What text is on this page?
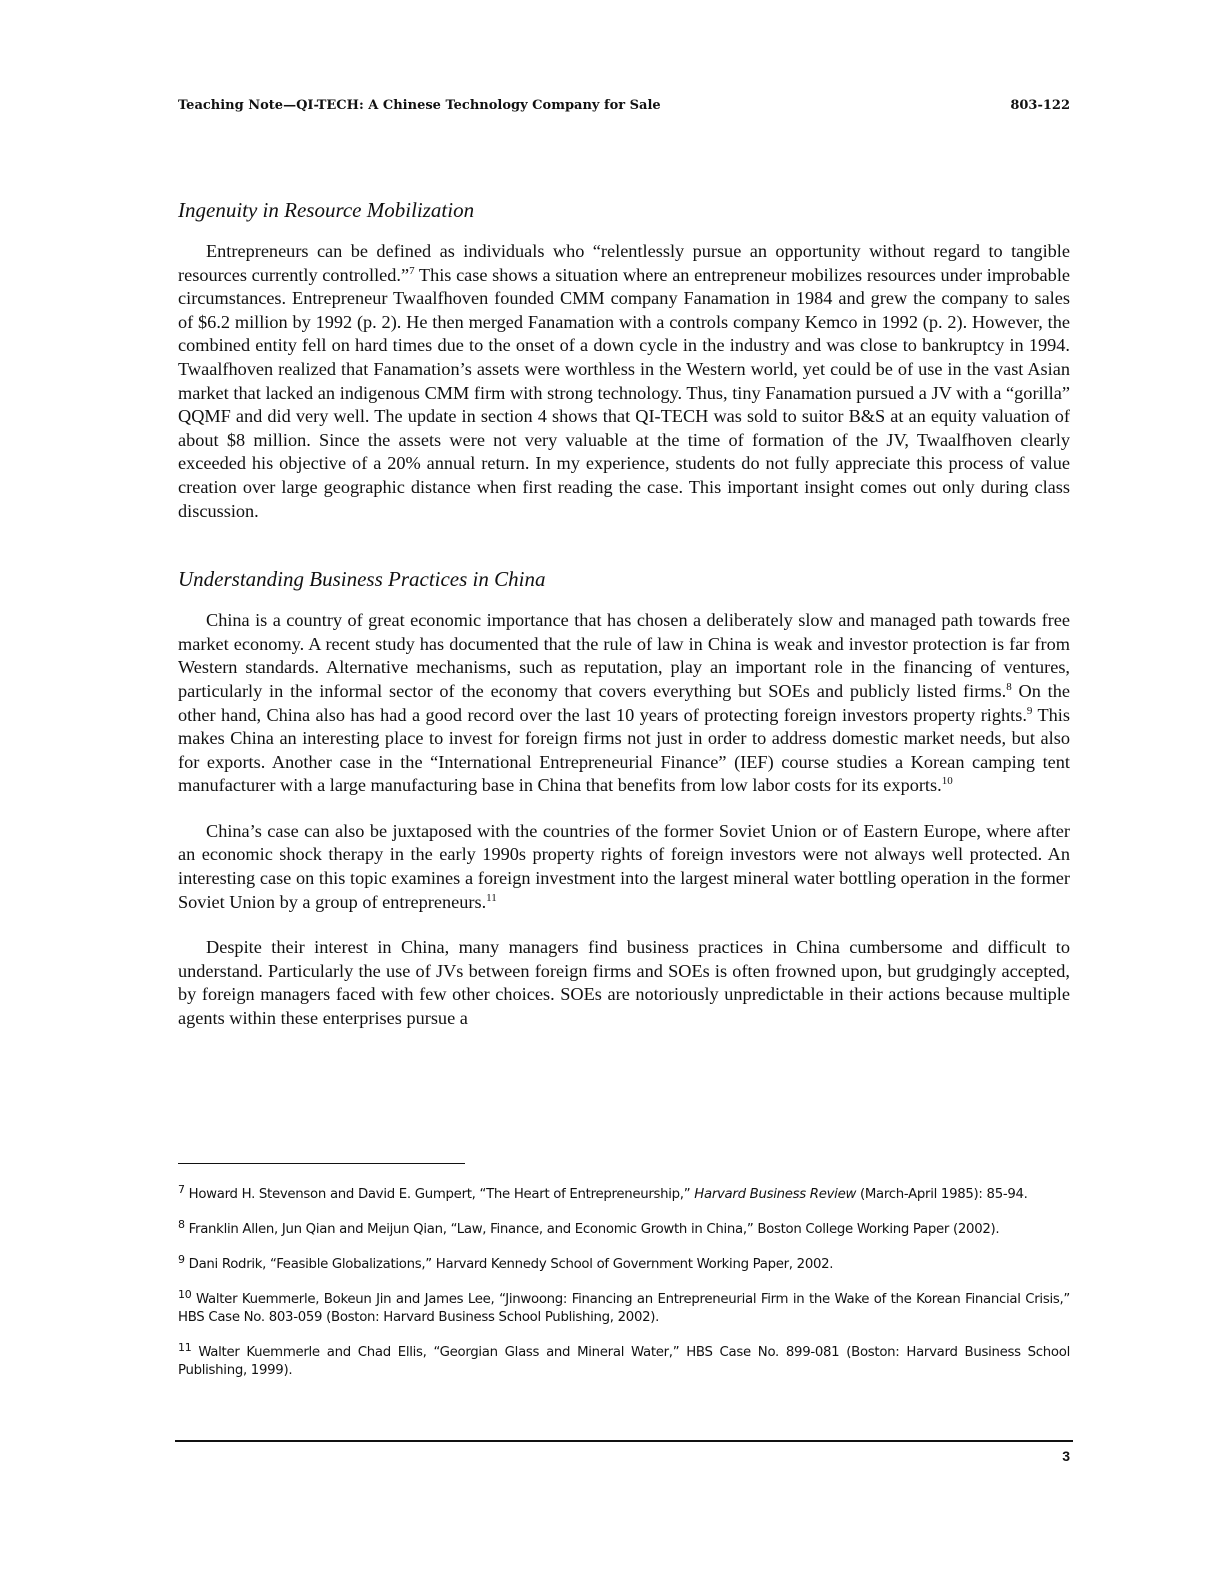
Teaching Note—QI-TECH: A Chinese Technology Company for Sale	803-122
Ingenuity in Resource Mobilization

Entrepreneurs can be defined as individuals who “relentlessly pursue an opportunity without regard to tangible resources currently controlled.”$^7$ This case shows a situation where an entrepreneur mobilizes resources under improbable circumstances. Entrepreneur Twaalfhoven founded CMM company Fanamation in 1984 and grew the company to sales of $6.2 million by 1992 (p. 2). He then merged Fanamation with a controls company Kemco in 1992 (p. 2). However, the combined entity fell on hard times due to the onset of a down cycle in the industry and was close to bankruptcy in 1994. Twaalfhoven realized that Fanamation’s assets were worthless in the Western world, yet could be of use in the vast Asian market that lacked an indigenous CMM firm with strong technology. Thus, tiny Fanamation pursued a JV with a “gorilla” QQMF and did very well. The update in section 4 shows that QI-TECH was sold to suitor B&S at an equity valuation of about $8 million. Since the assets were not very valuable at the time of formation of the JV, Twaalfhoven clearly exceeded his objective of a 20% annual return. In my experience, students do not fully appreciate this process of value creation over large geographic distance when first reading the case. This important insight comes out only during class discussion.

Understanding Business Practices in China

China is a country of great economic importance that has chosen a deliberately slow and managed path towards free market economy. A recent study has documented that the rule of law in China is weak and investor protection is far from Western standards. Alternative mechanisms, such as reputation, play an important role in the financing of ventures, particularly in the informal sector of the economy that covers everything but SOEs and publicly listed firms.$^8$ On the other hand, China also has had a good record over the last 10 years of protecting foreign investors property rights.$^9$ This makes China an interesting place to invest for foreign firms not just in order to address domestic market needs, but also for exports. Another case in the “International Entrepreneurial Finance” (IEF) course studies a Korean camping tent manufacturer with a large manufacturing base in China that benefits from low labor costs for its exports.$^{10}$

China’s case can also be juxtaposed with the countries of the former Soviet Union or of Eastern Europe, where after an economic shock therapy in the early 1990s property rights of foreign investors were not always well protected. An interesting case on this topic examines a foreign investment into the largest mineral water bottling operation in the former Soviet Union by a group of entrepreneurs.$^{11}$

Despite their interest in China, many managers find business practices in China cumbersome and difficult to understand. Particularly the use of JVs between foreign firms and SOEs is often frowned upon, but grudgingly accepted, by foreign managers faced with few other choices. SOEs are notoriously unpredictable in their actions because multiple agents within these enterprises pursue a

$^7$ Howard H. Stevenson and David E. Gumpert, “The Heart of Entrepreneurship,” Harvard Business Review (March-April 1985): 85-94.

$^8$ Franklin Allen, Jun Qian and Meijun Qian, “Law, Finance, and Economic Growth in China,” Boston College Working Paper (2002).

$^9$ Dani Rodrik, “Feasible Globalizations,” Harvard Kennedy School of Government Working Paper, 2002.

$^{10}$ Walter Kuemmerle, Bokeun Jin and James Lee, “Jinwoong: Financing an Entrepreneurial Firm in the Wake of the Korean Financial Crisis,” HBS Case No. 803-059 (Boston: Harvard Business School Publishing, 2002).

$^{11}$ Walter Kuemmerle and Chad Ellis, “Georgian Glass and Mineral Water,” HBS Case No. 899-081 (Boston: Harvard Business School Publishing, 1999).

3
